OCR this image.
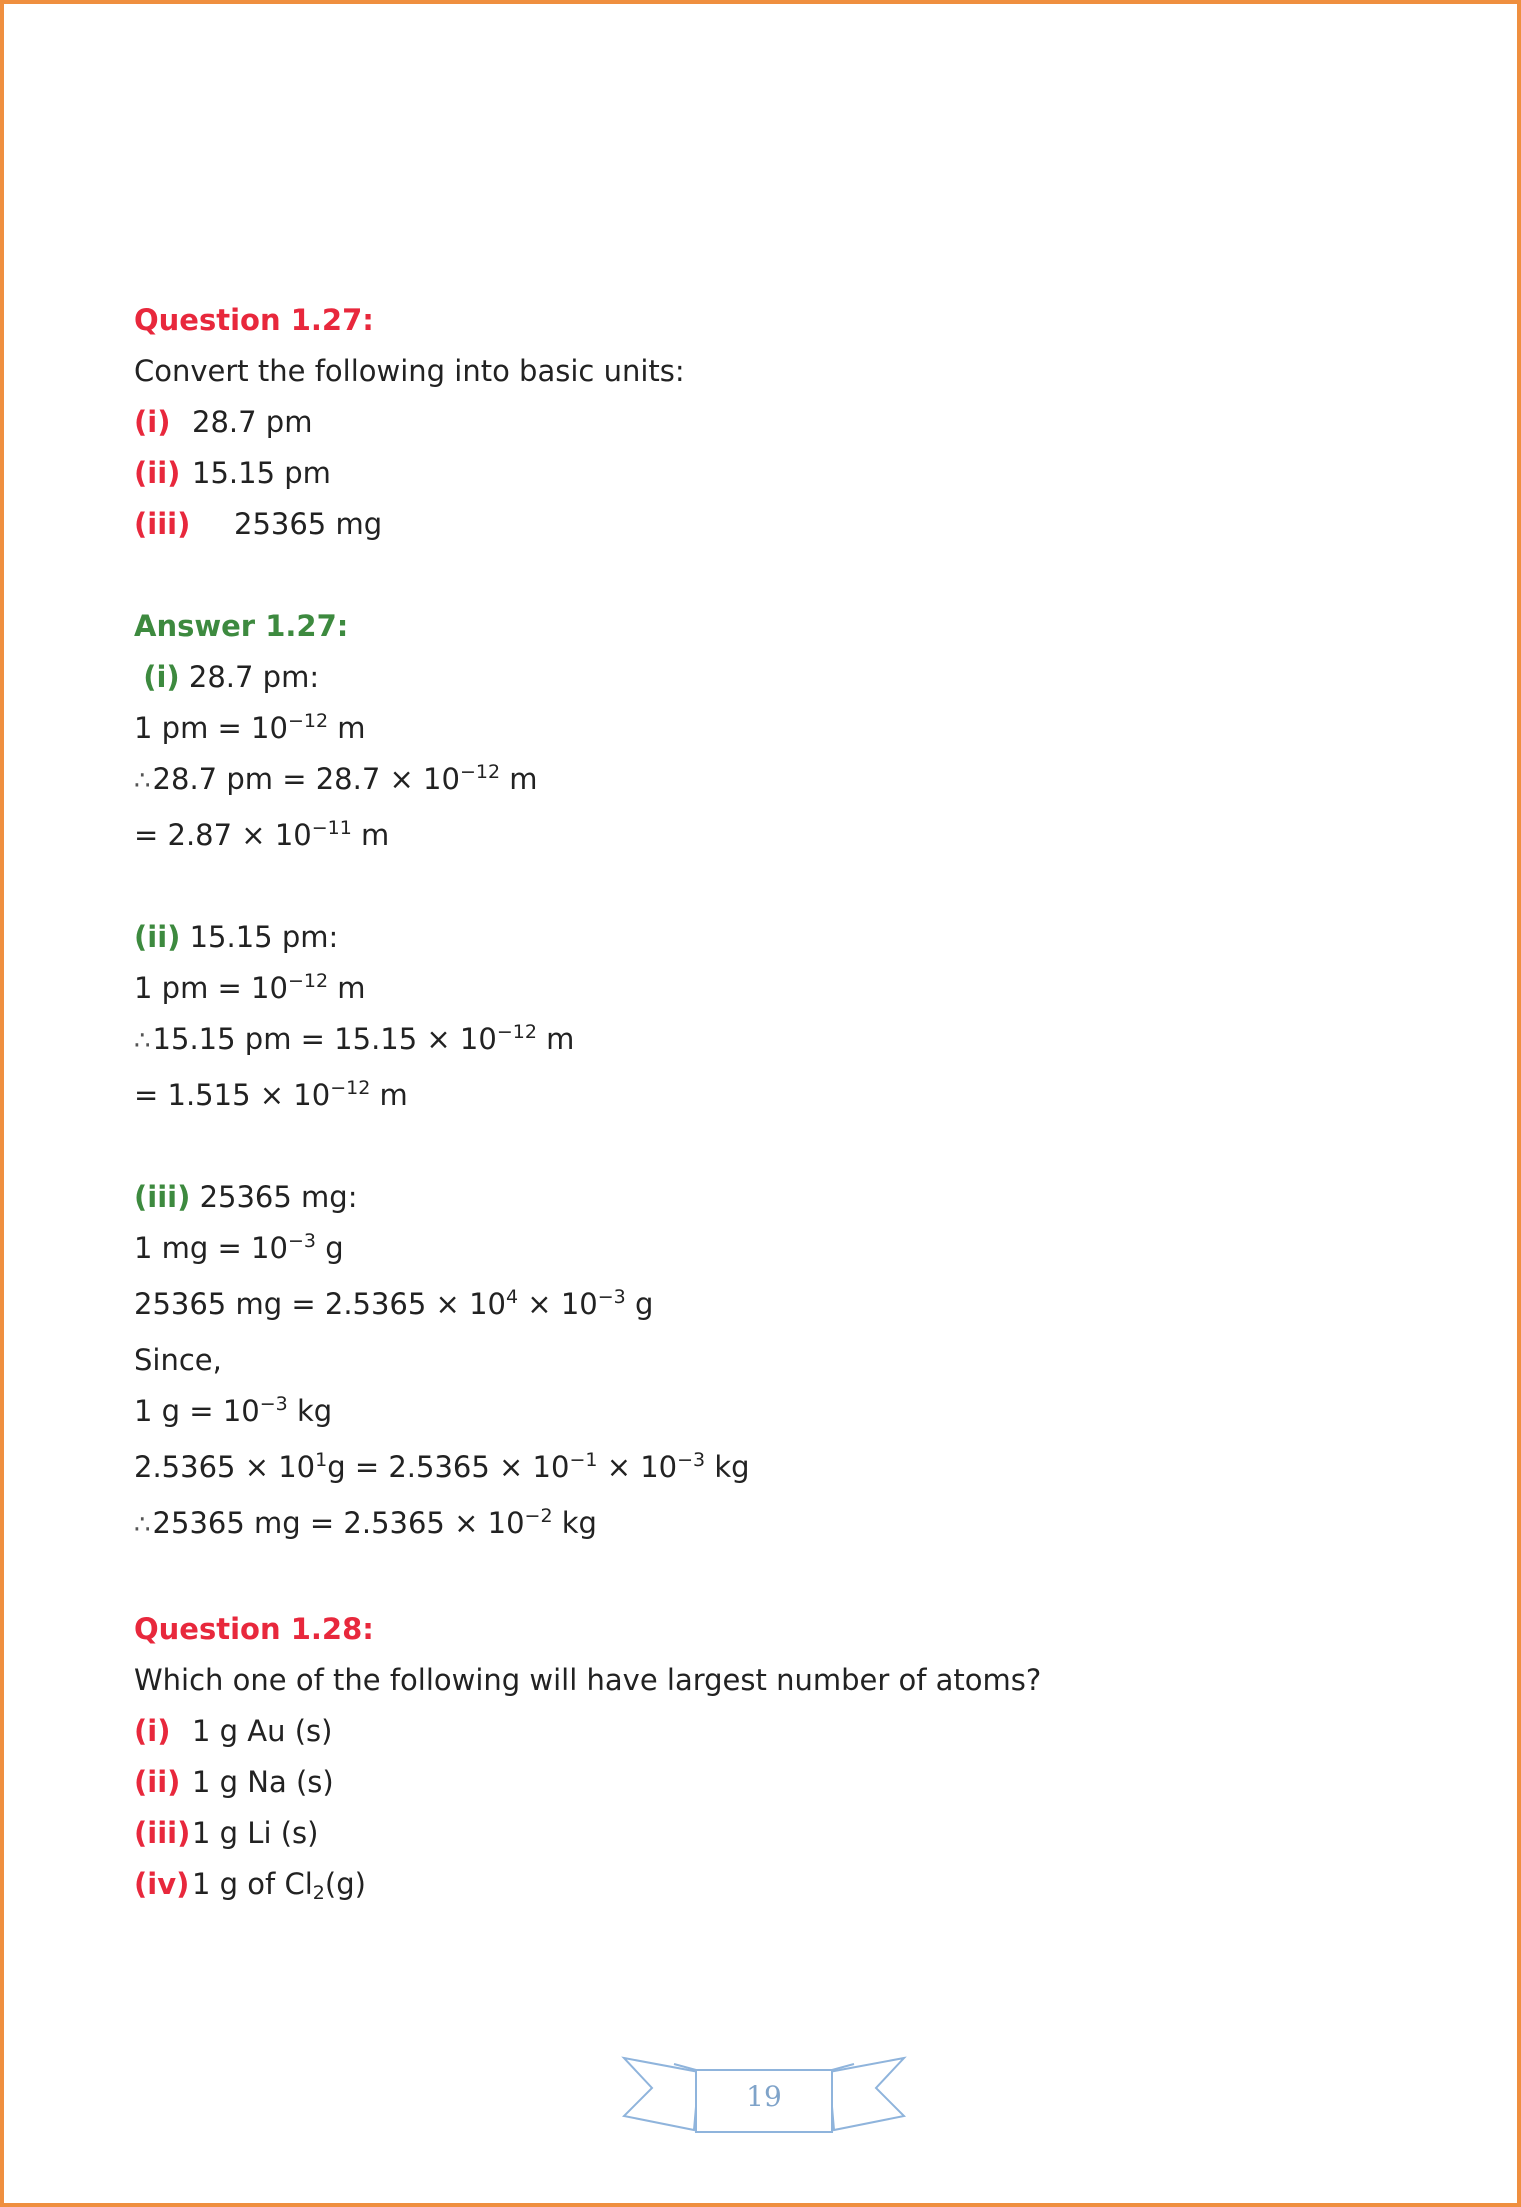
Question 1.27:
Convert the following into basic units:
(i) 28.7 pm
(ii) 15.15 pm
(iii) 25365 mg
Answer 1.27:
(i) 28.7 pm:
1 pm = $10^{-12}$ m
∴28.7 pm = $28.7 \times 10^{-12}$ m
= $2.87 \times 10^{-11}$ m
(ii) 15.15 pm:
1 pm = $10^{-12}$ m
∴15.15 pm = $15.15 \times 10^{-12}$ m
= $1.515 \times 10^{-12}$ m
(iii) 25365 mg:
1 mg = $10^{-3}$ g
25365 mg = $2.5365 \times 10^4 \times 10^{-3}$ g
Since,
1 $g = 10^{-3}$ kg
$2.5365 \times 10^1g = 2.5365 \times 10^{-1} \times 10^{-3}$ kg
∴25365 mg = $2.5365 \times 10^{-2}$ kg
Question 1.28:
Which one of the following will have largest number of atoms?
(i) 1 g Au (s)
(ii) 1 g Na (s)
(iii)1 g Li (s)
(iv)1 g of $Cl_2(g)$
19
